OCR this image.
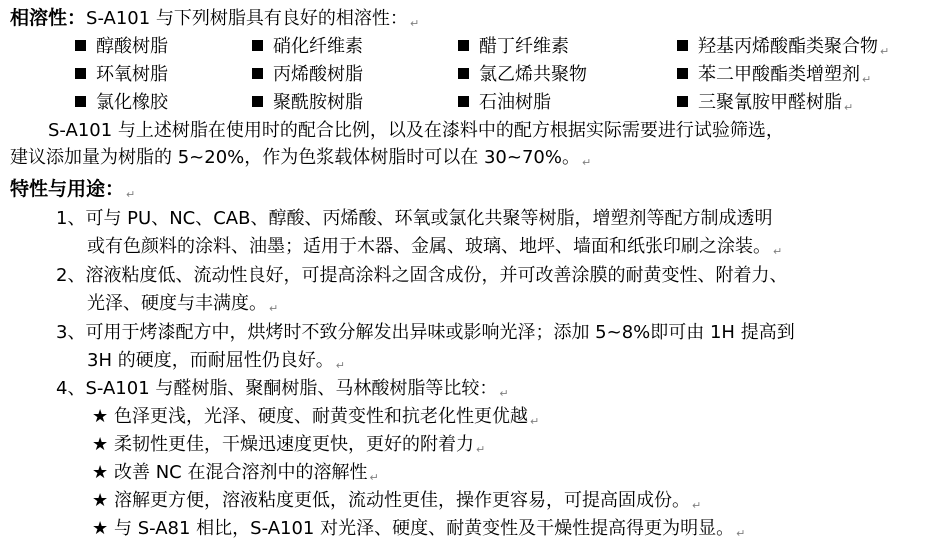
相溶性：S-A101 与下列树脂具有良好的相溶性： ↵
醇酸树脂	硝化纤维素	醋丁纤维素	羟基丙烯酸酯类聚合物 ↵
环氧树脂	丙烯酸树脂	氯乙烯共聚物	苯二甲酸酯类增塑剂 ↵
氯化橡胶	聚酰胺树脂	石油树脂	三聚氰胺甲醛树脂 ↵
S-A101 与上述树脂在使用时的配合比例，以及在漆料中的配方根据实际需要进行试验筛选，
建议添加量为树脂的 5~20%，作为色浆载体树脂时可以在 30~70%。 ↵
特性与用途： ↵
1、可与 PU、NC、CAB、醇酸、丙烯酸、环氧或氯化共聚等树脂，增塑剂等配方制成透明
或有色颜料的涂料、油墨；适用于木器、金属、玻璃、地坪、墙面和纸张印刷之涂装。 ↵
2、溶液粘度低、流动性良好，可提高涂料之固含成份，并可改善涂膜的耐黄变性、附着力、
光泽、硬度与丰满度。 ↵
3、可用于烤漆配方中，烘烤时不致分解发出异味或影响光泽；添加 5~8%即可由 1H 提高到
3H 的硬度，而耐屈性仍良好。 ↵
4、S-A101 与醛树脂、聚酮树脂、马林酸树脂等比较： ↵
★ 色泽更浅，光泽、硬度、耐黄变性和抗老化性更优越 ↵
★ 柔韧性更佳，干燥迅速度更快，更好的附着力 ↵
★ 改善 NC 在混合溶剂中的溶解性 ↵
★ 溶解更方便，溶液粘度更低，流动性更佳，操作更容易，可提高固成份。 ↵
★ 与 S-A81 相比，S-A101 对光泽、硬度、耐黄变性及干燥性提高得更为明显。 ↵
